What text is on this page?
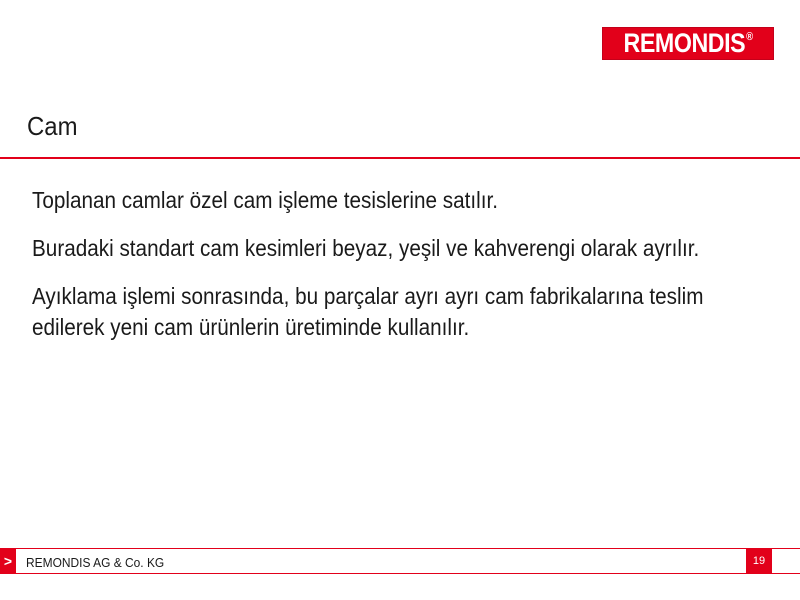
REMONDIS®
Cam

Toplanan camlar özel cam işleme tesislerine satılır.

Buradaki standart cam kesimleri beyaz, yeşil ve kahverengi olarak ayrılır.

Ayıklama işlemi sonrasında, bu parçalar ayrı ayrı cam fabrikalarına teslim edilerek yeni cam ürünlerin üretiminde kullanılır.

>	REMONDIS AG & Co. KG	19
